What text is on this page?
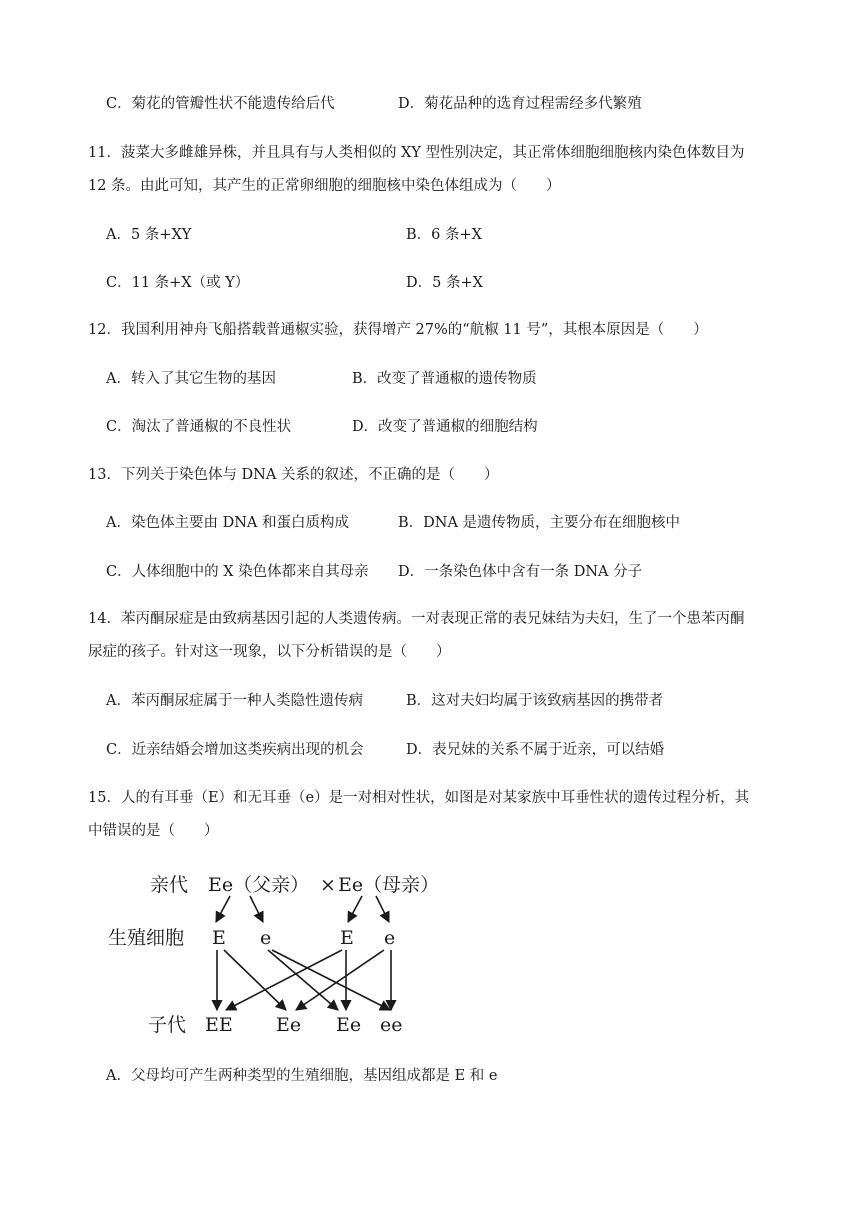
C．菊花的管瓣性状不能遗传给后代	D．菊花品种的选育过程需经多代繁殖
11．菠菜大多雌雄异株，并且具有与人类相似的 XY 型性别决定，其正常体细胞细胞核内染色体数目为
12 条。由此可知，其产生的正常卵细胞的细胞核中染色体组成为（　　）
A．5 条+XY	B．6 条+X
C．11 条+X（或 Y）	D．5 条+X
12．我国利用神舟飞船搭载普通椒实验，获得增产 27%的“航椒 11 号”，其根本原因是（　　）
A．转入了其它生物的基因	B．改变了普通椒的遗传物质
C．淘汰了普通椒的不良性状	D．改变了普通椒的细胞结构
13．下列关于染色体与 DNA 关系的叙述，不正确的是（　　）
A．染色体主要由 DNA 和蛋白质构成	B．DNA 是遗传物质，主要分布在细胞核中
C．人体细胞中的 X 染色体都来自其母亲 D．一条染色体中含有一条 DNA 分子
14．苯丙酮尿症是由致病基因引起的人类遗传病。一对表现正常的表兄妹结为夫妇，生了一个患苯丙酮
尿症的孩子。针对这一现象，以下分析错误的是（　　）
A．苯丙酮尿症属于一种人类隐性遗传病	B．这对夫妇均属于该致病基因的携带者
C．近亲结婚会增加这类疾病出现的机会	D．表兄妹的关系不属于近亲，可以结婚
15．人的有耳垂（E）和无耳垂（e）是一对相对性状，如图是对某家族中耳垂性状的遗传过程分析，其
中错误的是（　　）
亲代
生殖细胞
子代
Ee（父亲） × Ee（母亲）
E e	E e
EE Ee Ee ee
A．父母均可产生两种类型的生殖细胞，基因组成都是 E 和 e
